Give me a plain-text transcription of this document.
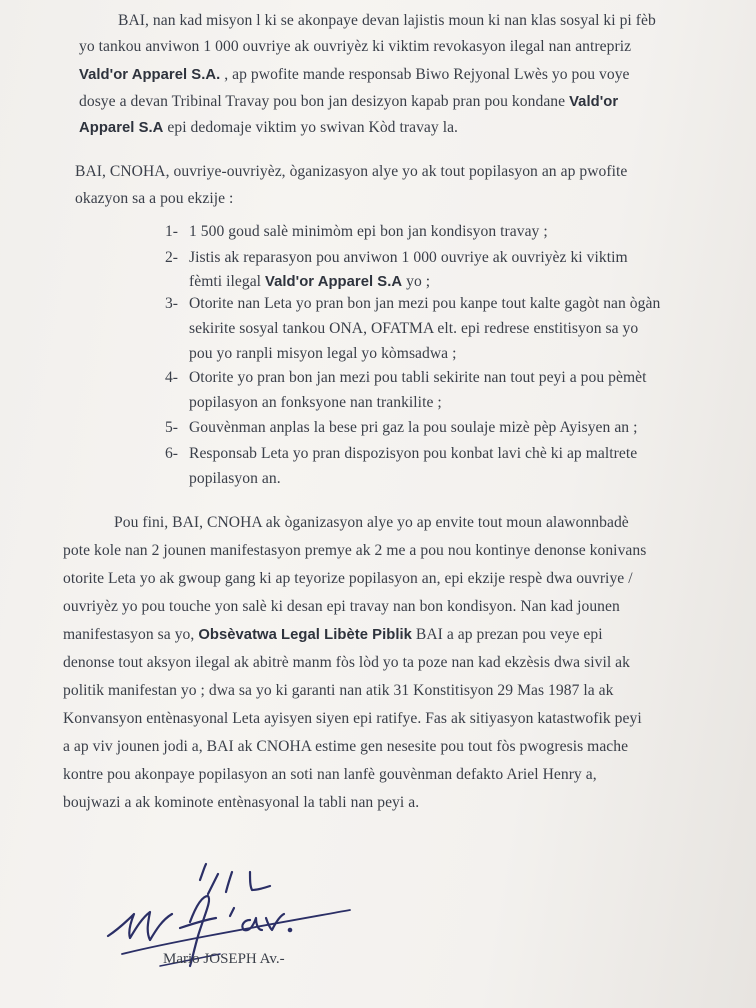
BAI, nan kad misyon l ki se akonpaye devan lajistis moun ki nan klas sosyal ki pi fèb
yo tankou anviwon 1 000 ouvriye ak ouvriyèz ki viktim revokasyon ilegal nan antrepriz
Vald'or Apparel S.A. , ap pwofite mande responsab Biwo Rejyonal Lwès yo pou voye
dosye a devan Tribinal Travay pou bon jan desizyon kapab pran pou kondane Vald'or
Apparel S.A epi dedomaje viktim yo swivan Kòd travay la.
BAI, CNOHA, ouvriye-ouvriyèz, òganizasyon alye yo ak tout popilasyon an ap pwofite
okazyon sa a pou ekzije :
1- 1 500 goud salè minimòm epi bon jan kondisyon travay ;
2- Jistis ak reparasyon pou anviwon 1 000 ouvriye ak ouvriyèz ki viktim
fèmti ilegal Vald'or Apparel S.A yo ;
3- Otorite nan Leta yo pran bon jan mezi pou kanpe tout kalte gagòt nan ògàn
sekirite sosyal tankou ONA, OFATMA elt. epi redrese enstitisyon sa yo
pou yo ranpli misyon legal yo kòmsadwa ;
4- Otorite yo pran bon jan mezi pou tabli sekirite nan tout peyi a pou pèmèt
popilasyon an fonksyone nan trankilite ;
5- Gouvènman anplas la bese pri gaz la pou soulaje mizè pèp Ayisyen an ;
6- Responsab Leta yo pran dispozisyon pou konbat lavi chè ki ap maltrete
popilasyon an.
Pou fini, BAI, CNOHA ak òganizasyon alye yo ap envite tout moun alawonnbadè
pote kole nan 2 jounen manifestasyon premye ak 2 me a pou nou kontinye denonse konivans
otorite Leta yo ak gwoup gang ki ap teyorize popilasyon an, epi ekzije respè dwa ouvriye /
ouvriyèz yo pou touche yon salè ki desan epi travay nan bon kondisyon. Nan kad jounen
manifestasyon sa yo, Obsèvatwa Legal Libète Piblik BAI a ap prezan pou veye epi
denonse tout aksyon ilegal ak abitrè manm fòs lòd yo ta poze nan kad ekzèsis dwa sivil ak
politik manifestan yo ; dwa sa yo ki garanti nan atik 31 Konstitisyon 29 Mas 1987 la ak
Konvansyon entènasyonal Leta ayisyen siyen epi ratifye. Fas ak sitiyasyon katastwofik peyi
a ap viv jounen jodi a, BAI ak CNOHA estime gen nesesite pou tout fòs pwogresis mache
kontre pou akonpaye popilasyon an soti nan lanfè gouvènman defakto Ariel Henry a,
boujwazi a ak kominote entènasyonal la tabli nan peyi a.
Mario JOSEPH Av.-
